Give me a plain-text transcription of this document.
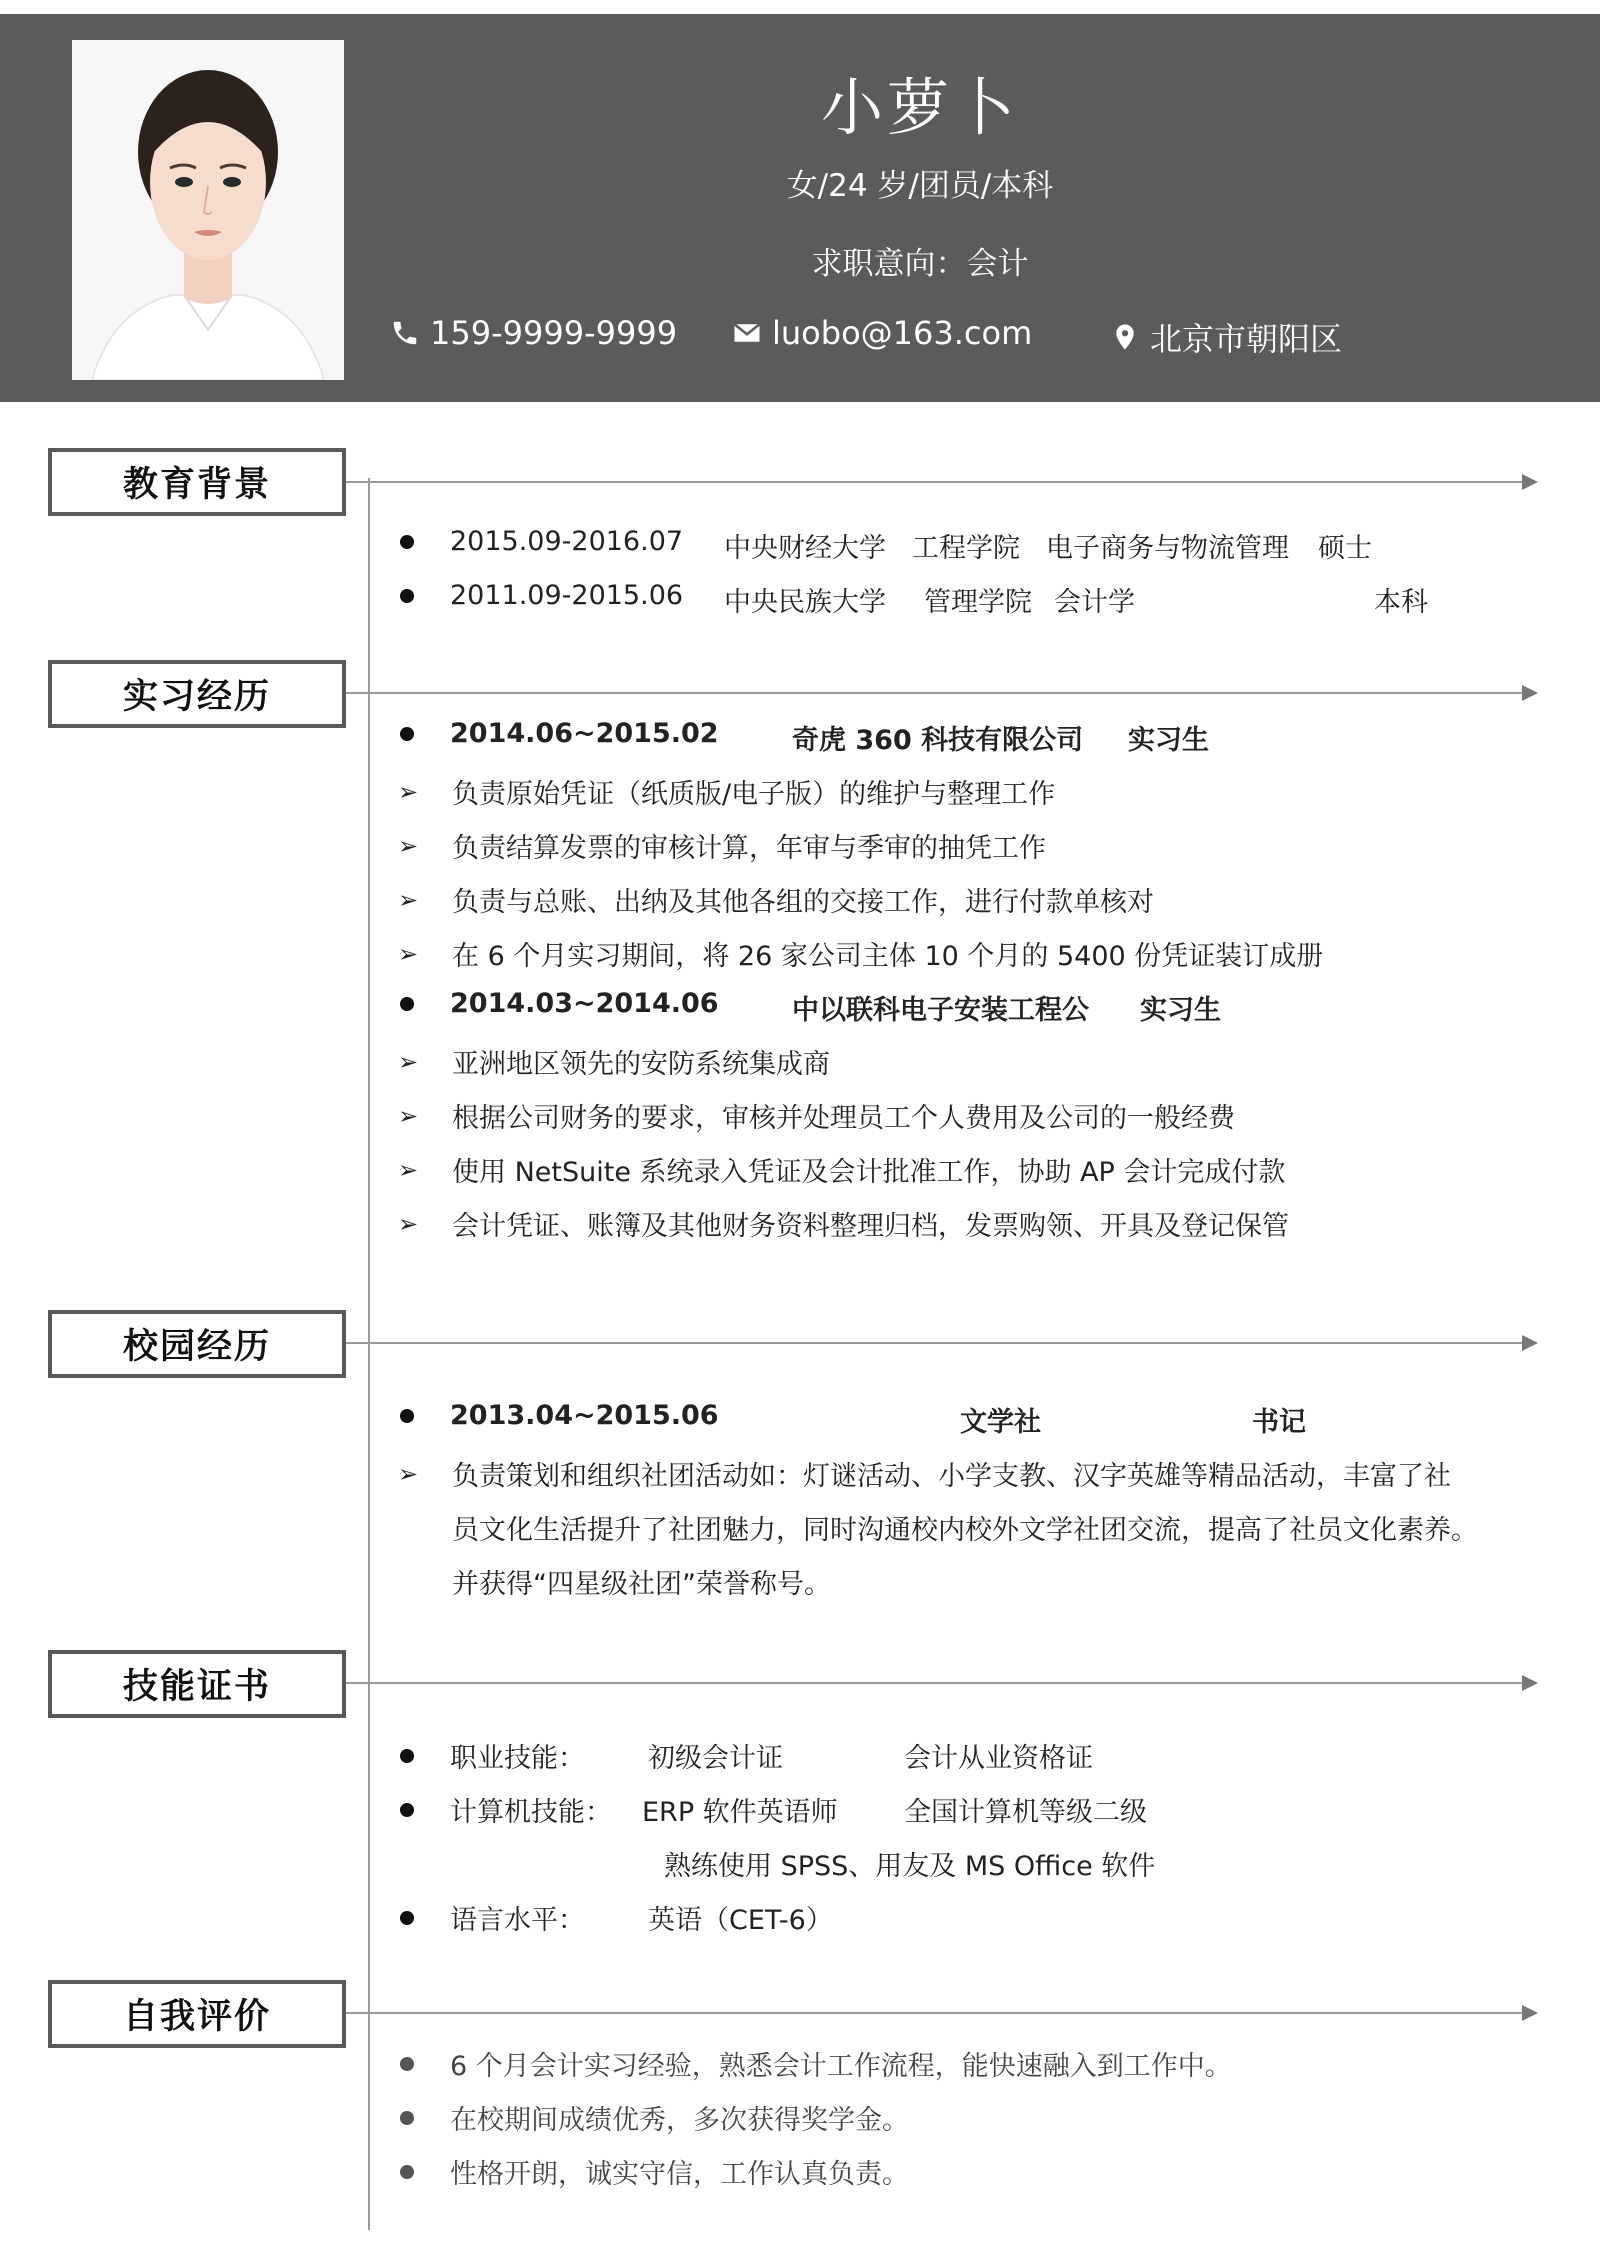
小萝卜
女/24 岁/团员/本科
求职意向：会计
159-9999-9999	luobo@163.com	北京市朝阳区
教育背景
2015.09-2016.07 中央财经大学 工程学院 电子商务与物流管理 硕士
2011.09-2015.06 中央民族大学 管理学院 会计学	本科
实习经历
2014.06~2015.02	奇虎 360 科技有限公司 实习生
➢ 负责原始凭证（纸质版/电子版）的维护与整理工作
➢ 负责结算发票的审核计算，年审与季审的抽凭工作
➢ 负责与总账、出纳及其他各组的交接工作，进行付款单核对
➢ 在 6 个月实习期间，将 26 家公司主体 10 个月的 5400 份凭证装订成册
2014.03~2014.06	中以联科电子安装工程公 实习生
➢ 亚洲地区领先的安防系统集成商
➢ 根据公司财务的要求，审核并处理员工个人费用及公司的一般经费
➢ 使用 NetSuite 系统录入凭证及会计批准工作，协助 AP 会计完成付款
➢ 会计凭证、账簿及其他财务资料整理归档，发票购领、开具及登记保管
校园经历
2013.04~2015.06	文学社	书记
➢ 负责策划和组织社团活动如：灯谜活动、小学支教、汉字英雄等精品活动，丰富了社
员文化生活提升了社团魅力，同时沟通校内校外文学社团交流，提高了社员文化素养。
并获得“四星级社团”荣誉称号。
技能证书
职业技能： 初级会计证	会计从业资格证
计算机技能： ERP 软件英语师 全国计算机等级二级
熟练使用 SPSS、用友及 MS Office 软件
语言水平： 英语（CET-6）
自我评价
6 个月会计实习经验，熟悉会计工作流程，能快速融入到工作中。
在校期间成绩优秀，多次获得奖学金。
性格开朗，诚实守信，工作认真负责。
